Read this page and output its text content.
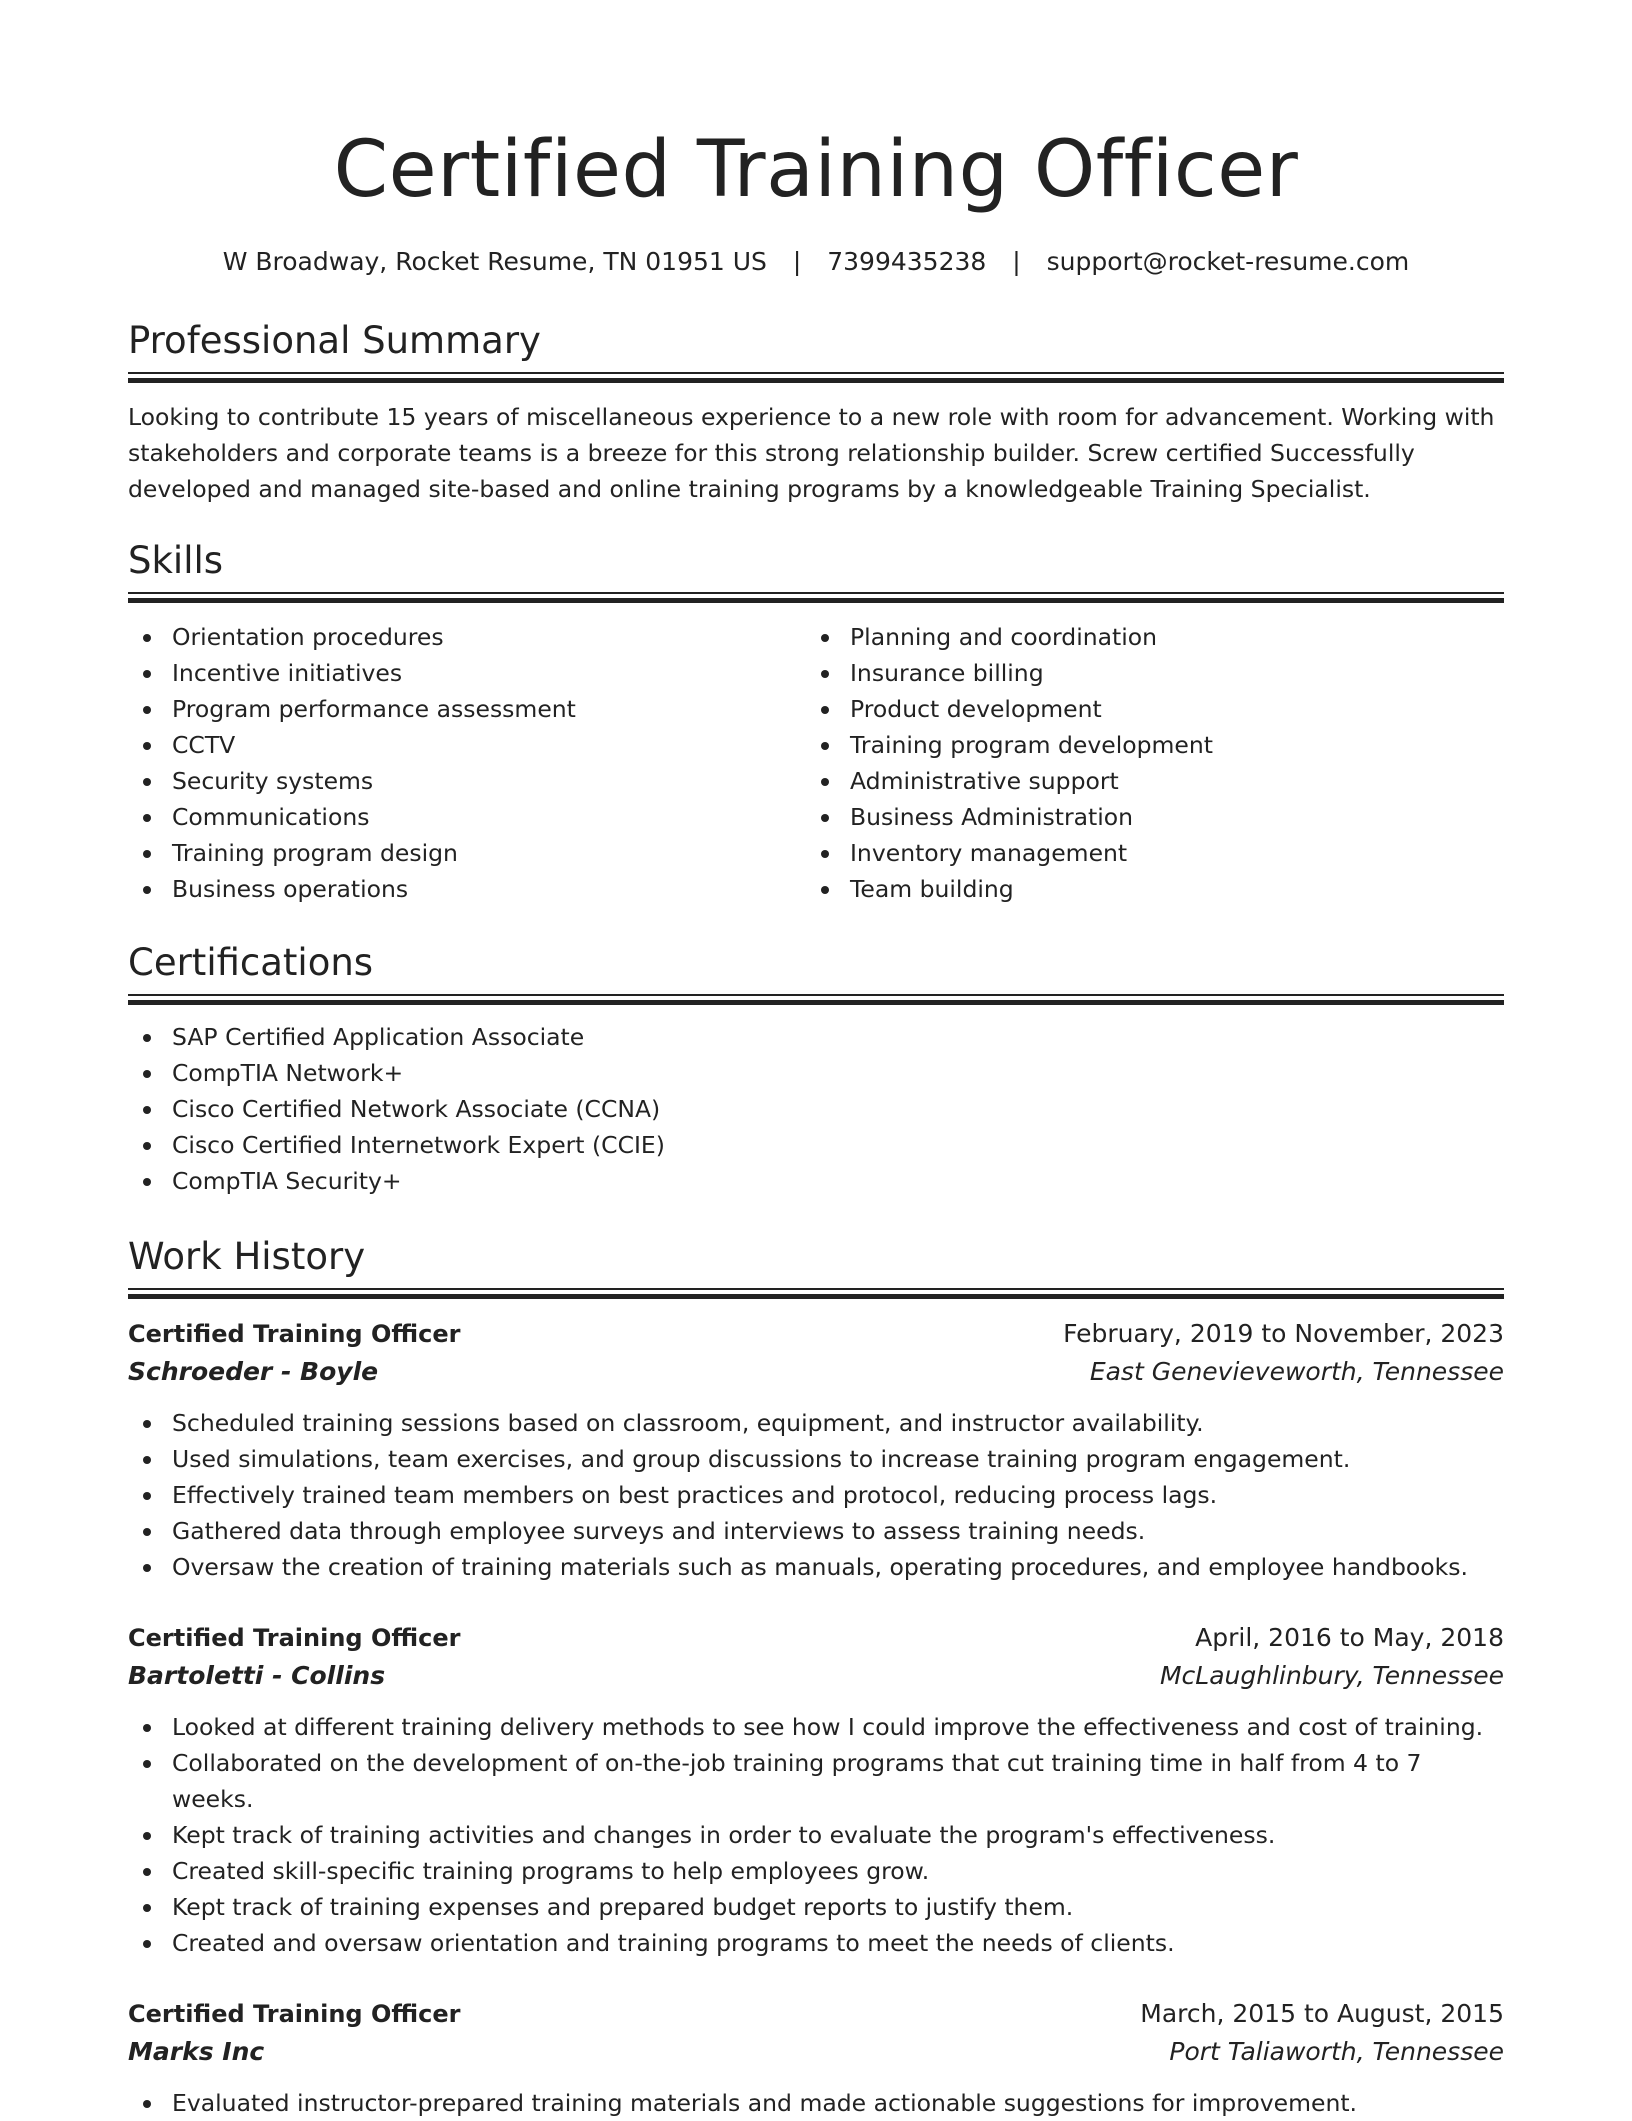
Certified Training Officer
W Broadway, Rocket Resume, TN 01951 US | 7399435238 | support@rocket-resume.com
Professional Summary
Looking to contribute 15 years of miscellaneous experience to a new role with room for advancement. Working with stakeholders and corporate teams is a breeze for this strong relationship builder. Screw certified Successfully developed and managed site-based and online training programs by a knowledgeable Training Specialist.
Skills
Orientation procedures
Incentive initiatives
Program performance assessment
CCTV
Security systems
Communications
Training program design
Business operations
Planning and coordination
Insurance billing
Product development
Training program development
Administrative support
Business Administration
Inventory management
Team building
Certifications
SAP Certified Application Associate
CompTIA Network+
Cisco Certified Network Associate (CCNA)
Cisco Certified Internetwork Expert (CCIE)
CompTIA Security+
Work History
Certified Training Officer	February, 2019 to November, 2023
Schroeder - Boyle	East Genevieveworth, Tennessee
Scheduled training sessions based on classroom, equipment, and instructor availability.
Used simulations, team exercises, and group discussions to increase training program engagement.
Effectively trained team members on best practices and protocol, reducing process lags.
Gathered data through employee surveys and interviews to assess training needs.
Oversaw the creation of training materials such as manuals, operating procedures, and employee handbooks.
Certified Training Officer	April, 2016 to May, 2018
Bartoletti - Collins	McLaughlinbury, Tennessee
Looked at different training delivery methods to see how I could improve the effectiveness and cost of training.
Collaborated on the development of on-the-job training programs that cut training time in half from 4 to 7 weeks.
Kept track of training activities and changes in order to evaluate the program's effectiveness.
Created skill-specific training programs to help employees grow.
Kept track of training expenses and prepared budget reports to justify them.
Created and oversaw orientation and training programs to meet the needs of clients.
Certified Training Officer	March, 2015 to August, 2015
Marks Inc	Port Taliaworth, Tennessee
Evaluated instructor-prepared training materials and made actionable suggestions for improvement.
